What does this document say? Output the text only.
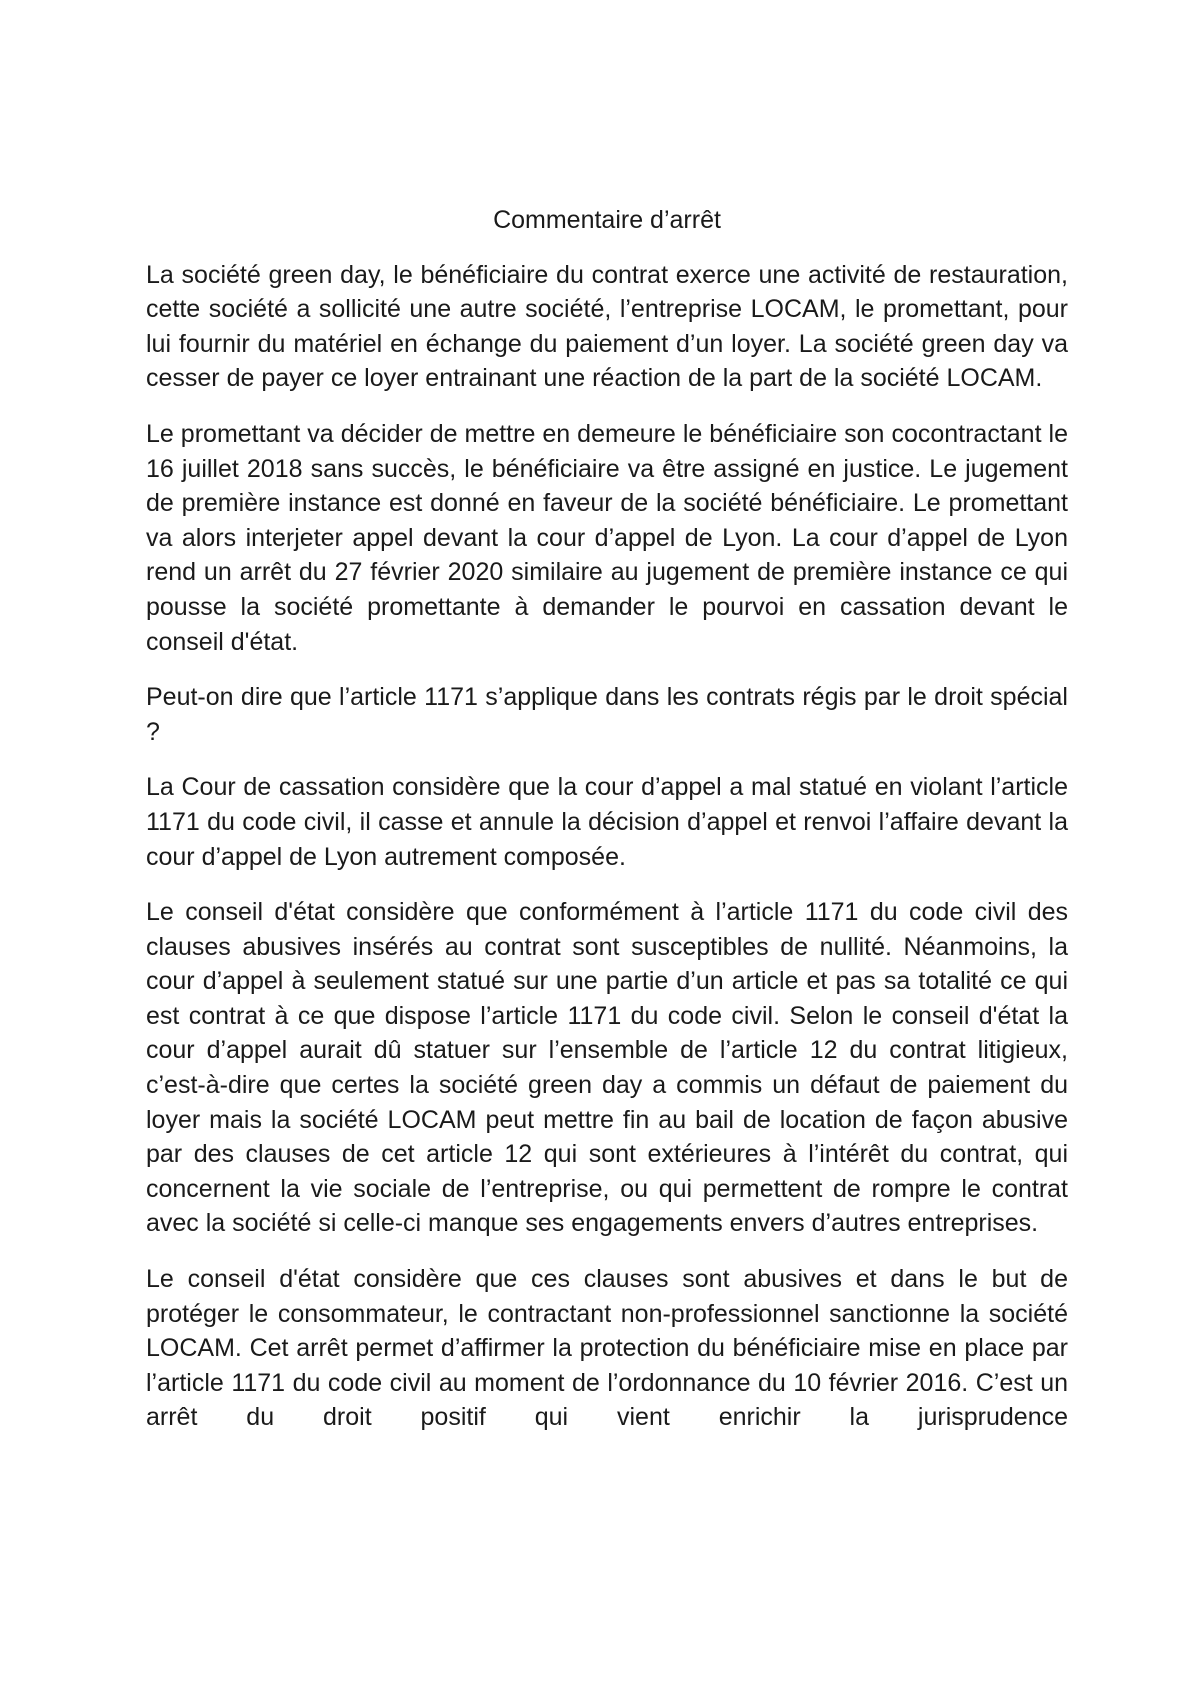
Commentaire d’arrêt

La société green day, le bénéficiaire du contrat exerce une activité de restauration, cette société a sollicité une autre société, l’entreprise LOCAM, le promettant, pour lui fournir du matériel en échange du paiement d’un loyer. La société green day va cesser de payer ce loyer entrainant une réaction de la part de la société LOCAM.

Le promettant va décider de mettre en demeure le bénéficiaire son cocontractant le 16 juillet 2018 sans succès, le bénéficiaire va être assigné en justice. Le jugement de première instance est donné en faveur de la société bénéficiaire. Le promettant va alors interjeter appel devant la cour d’appel de Lyon. La cour d’appel de Lyon rend un arrêt du 27 février 2020 similaire au jugement de première instance ce qui pousse la société promettante à demander le pourvoi en cassation devant le conseil d'état.

Peut-on dire que l’article 1171 s’applique dans les contrats régis par le droit spécial ?

La Cour de cassation considère que la cour d’appel a mal statué en violant l’article 1171 du code civil, il casse et annule la décision d’appel et renvoi l’affaire devant la cour d’appel de Lyon autrement composée.

Le conseil d'état considère que conformément à l’article 1171 du code civil des clauses abusives insérés au contrat sont susceptibles de nullité. Néanmoins, la cour d’appel à seulement statué sur une partie d’un article et pas sa totalité ce qui est contrat à ce que dispose l’article 1171 du code civil. Selon le conseil d'état la cour d’appel aurait dû statuer sur l’ensemble de l’article 12 du contrat litigieux, c’est-à-dire que certes la société green day a commis un défaut de paiement du loyer mais la société LOCAM peut mettre fin au bail de location de façon abusive par des clauses de cet article 12 qui sont extérieures à l’intérêt du contrat, qui concernent la vie sociale de l’entreprise, ou qui permettent de rompre le contrat avec la société si celle-ci manque ses engagements envers d’autres entreprises.

Le conseil d'état considère que ces clauses sont abusives et dans le but de protéger le consommateur, le contractant non-professionnel sanctionne la société LOCAM. Cet arrêt permet d’affirmer la protection du bénéficiaire mise en place par l’article 1171 du code civil au moment de l’ordonnance du 10 février 2016. C’est un arrêt du droit positif qui vient enrichir la jurisprudence
